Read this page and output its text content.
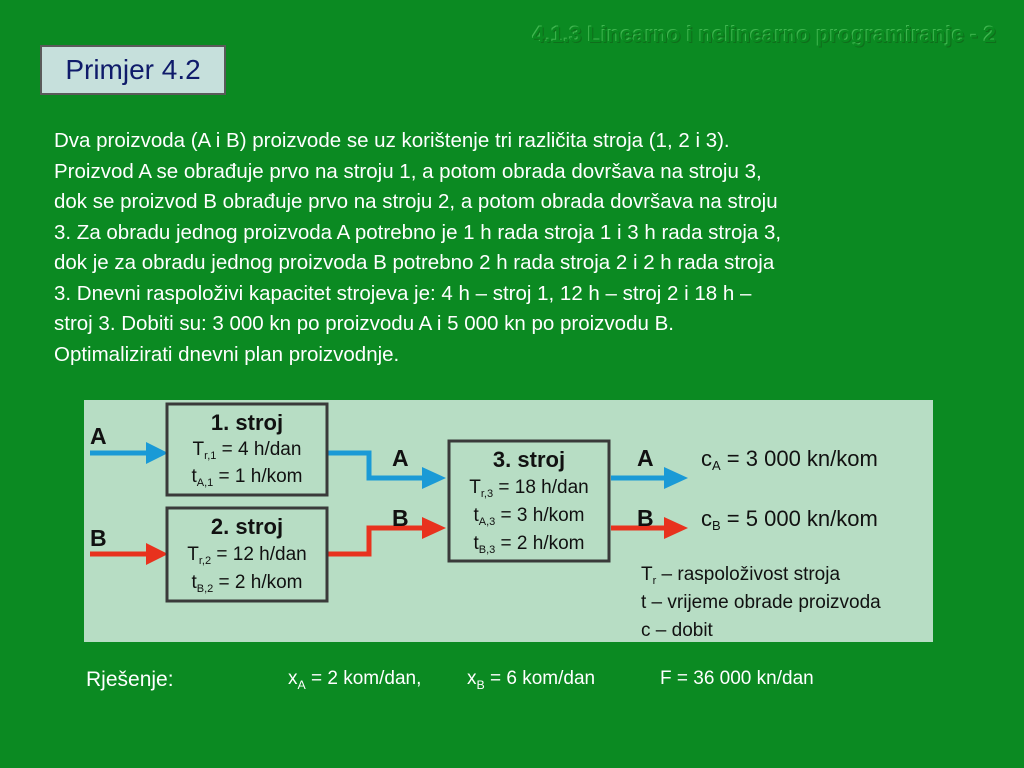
4.1.3 Linearno i nelinearno programiranje - 2
Primjer 4.2
Dva proizvoda (A i B) proizvode se uz korištenje tri različita stroja (1, 2 i 3).
Proizvod A se obrađuje prvo na stroju 1, a potom obrada dovršava na stroju 3,
dok se proizvod B obrađuje prvo na stroju 2, a potom obrada dovršava na stroju
3. Za obradu jednog proizvoda A potrebno je 1 h rada stroja 1 i 3 h rada stroja 3,
dok je za obradu jednog proizvoda B potrebno 2 h rada stroja 2 i 2 h rada stroja
3. Dnevni raspoloživi kapacitet strojeva je: 4 h – stroj 1, 12 h – stroj 2 i 18 h –
stroj 3. Dobiti su: 3 000 kn po proizvodu A i 5 000 kn po proizvodu B.
Optimalizirati dnevni plan proizvodnje.
A
B
A
B
A
B
1. stroj
$T_{r,1} = 4$ h/dan
$t_{A,1} = 1$ h/kom
2. stroj
$T_{r,2} = 12$ h/dan
$t_{B,2} = 2$ h/kom
3. stroj
$T_{r,3} = 18$ h/dan
$t_{A,3} = 3$ h/kom
$t_{B,3} = 2$ h/kom
cA = 3 000 kn/kom
cB = 5 000 kn/kom
$T_r$ – raspoloživost stroja
t – vrijeme obrade proizvoda
c – dobit
Rješenje:	$x_A = 2$ kom/dan, $x_B = 6$ kom/dan	F = 36 000 kn/dan
